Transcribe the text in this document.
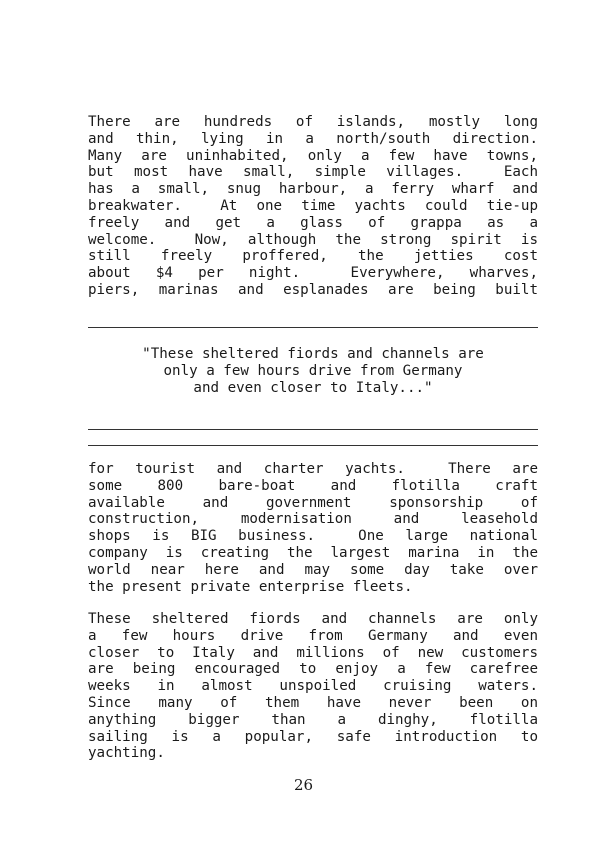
There are hundreds of islands, mostly long
and thin, lying in a north/south direction.
Many are uninhabited, only a few have towns,
but most have small, simple villages.  Each
has a small, snug harbour, a ferry wharf and
breakwater.  At one time yachts could tie-up
freely and get a glass of grappa as a
welcome.  Now, although the strong spirit is
still freely proffered, the jetties cost
about $4 per night.  Everywhere, wharves,
piers, marinas and esplanades are being built
"These sheltered fiords and channels are
only a few hours drive from Germany
and even closer to Italy..."
for tourist and charter yachts.  There are
some 800 bare-boat and flotilla craft
available and government sponsorship of
construction, modernisation and leasehold
shops is BIG business.  One large national
company is creating the largest marina in the
world near here and may some day take over
the present private enterprise fleets.
These sheltered fiords and channels are only
a few hours drive from Germany and even
closer to Italy and millions of new customers
are being encouraged to enjoy a few carefree
weeks in almost unspoiled cruising waters.
Since many of them have never been on
anything bigger than a dinghy, flotilla
sailing is a popular, safe introduction to
yachting.
26
